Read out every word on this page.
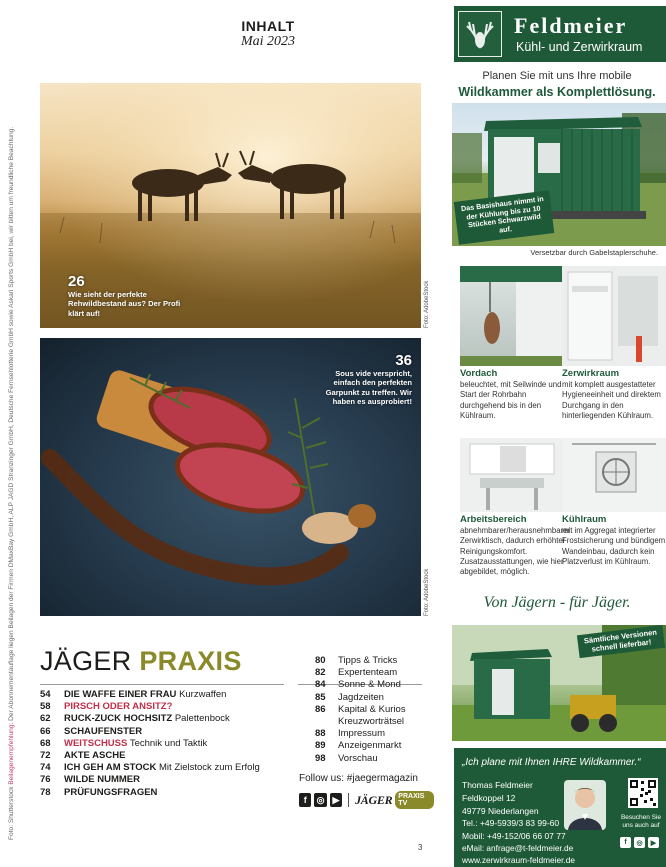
INHALT
Mai 2023
Foto: Shutterstock Beilagenempfehlung: Der Abonnementauflage liegen Beilagen der Firmen DMaxBay GmbH, ALP JAGD Stranzinger GmbH, Deutsche Fernsehlotterie GmbH sowie Askari Sports GmbH bei, wir bitten um freundliche Beachtung.	26
Wie sieht der perfekte Rehwildbestand aus? Der Profi klärt auf!	Foto: AdobeStock
36
Sous vide verspricht, einfach den perfekten Garpunkt zu treffen. Wir haben es ausprobiert!
Foto: AdobeStock
JÄGER PRAXIS
54 DIE WAFFE EINER FRAU Kurzwaffen
58 PIRSCH ODER ANSITZ?
62 RUCK-ZUCK HOCHSITZ Palettenbock
66 SCHAUFENSTER
68 WEITSCHUSS Technik und Taktik
72 AKTE ASCHE
74 ICH GEH AM STOCK Mit Zielstock zum Erfolg
76 WILDE NUMMER
78 PRÜFUNGSFRAGEN
80 Tipps & Tricks
82 Expertenteam
84 Sonne & Mond
85 Jagdzeiten
86 Kapital & Kurios
Kreuzworträtsel
88 Impressum
89 Anzeigenmarkt
98 Vorschau
Follow us: #jaegermagazin
f	◎ ▶ JÄGER PRAXIS TV
3
Feldmeier
Kühl- und Zerwirkraum
Planen Sie mit uns Ihre mobile
Wildkammer als Komplettlösung.
Das Basishaus nimmt in der Kühlung bis zu 10 Stücken Schwarzwild auf.
Versetzbar durch Gabelstaplerschuhe.
Vordach
beleuchtet, mit Seilwinde und Start der Rohrbahn durchgehend bis in den Kühlraum.
Zerwirkraum
mit komplett ausgestatteter Hygieneeinheit und direktem Durchgang in den hinterliegenden Kühlraum.
Arbeitsbereich
abnehmbarer/herausnehmbarer Zerwirktisch, dadurch erhöhter Reinigungskomfort. Zusatzausstattungen, wie hier abgebildet, möglich.
Kühlraum
mit im Aggregat integrierter Frostsicherung und bündigem Wandeinbau, dadurch kein Platzverlust im Kühlraum.
Von Jägern - für Jäger.
Sämtliche Versionen schnell lieferbar!
„Ich plane mit Ihnen IHRE Wildkammer.“
Thomas Feldmeier
Feldkoppel 12
49779 Niederlangen
Tel.: +49-5939/3 83 99-60
Mobil: +49-152/06 66 07 77
eMail: anfrage@t-feldmeier.de
www.zerwirkraum-feldmeier.de
Besuchen Sie uns auch auf
f	◎	▶
